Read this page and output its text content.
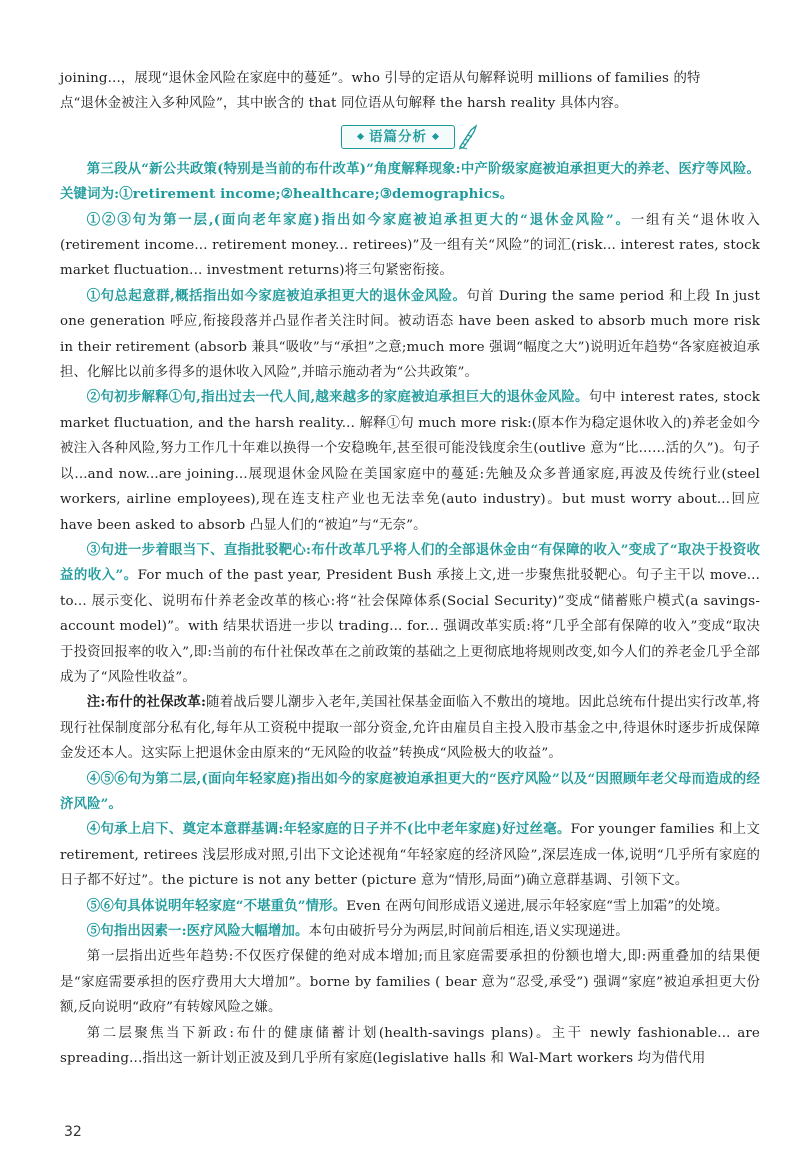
joining...，展现“退休金风险在家庭中的蔓延”。who 引导的定语从句解释说明 millions of families 的特

点“退休金被注入多种风险”，其中嵌含的 that 同位语从句解释 the harsh reality 具体内容。

语篇分析

第三段从“新公共政策(特别是当前的布什改革)”角度解释现象:中产阶级家庭被迫承担更大的养老、医疗等风险。关键词为:①retirement income;②healthcare;③demographics。

①②③句为第一层,(面向老年家庭)指出如今家庭被迫承担更大的“退休金风险”。一组有关“退休收入(retirement income... retirement money... retirees)”及一组有关“风险”的词汇(risk... interest rates, stock market fluctuation... investment returns)将三句紧密衔接。

①句总起意群,概括指出如今家庭被迫承担更大的退休金风险。句首 During the same period 和上段 In just one generation 呼应,衔接段落并凸显作者关注时间。被动语态 have been asked to absorb much more risk in their retirement (absorb 兼具“吸收”与“承担”之意;much more 强调“幅度之大”)说明近年趋势“各家庭被迫承担、化解比以前多得多的退休收入风险”,并暗示施动者为“公共政策”。

②句初步解释①句,指出过去一代人间,越来越多的家庭被迫承担巨大的退休金风险。句中 interest rates, stock market fluctuation, and the harsh reality... 解释①句 much more risk:(原本作为稳定退休收入的)养老金如今被注入各种风险,努力工作几十年难以换得一个安稳晚年,甚至很可能没钱度余生(outlive 意为“比……活的久”)。句子以...and now...are joining...展现退休金风险在美国家庭中的蔓延:先触及众多普通家庭,再波及传统行业(steel workers, airline employees),现在连支柱产业也无法幸免(auto industry)。but must worry about...回应 have been asked to absorb 凸显人们的“被迫”与“无奈”。

③句进一步着眼当下、直指批驳靶心:布什改革几乎将人们的全部退休金由“有保障的收入”变成了“取决于投资收益的收入”。For much of the past year, President Bush 承接上文,进一步聚焦批驳靶心。句子主干以 move... to... 展示变化、说明布什养老金改革的核心:将“社会保障体系(Social Security)”变成“储蓄账户模式(a savings-account model)”。with 结果状语进一步以 trading... for... 强调改革实质:将“几乎全部有保障的收入”变成“取决于投资回报率的收入”,即:当前的布什社保改革在之前政策的基础之上更彻底地将规则改变,如今人们的养老金几乎全部成为了“风险性收益”。

注:布什的社保改革:随着战后婴儿潮步入老年,美国社保基金面临入不敷出的境地。因此总统布什提出实行改革,将现行社保制度部分私有化,每年从工资税中提取一部分资金,允许由雇员自主投入股市基金之中,待退休时逐步折成保障金发还本人。这实际上把退休金由原来的“无风险的收益”转换成“风险极大的收益”。

④⑤⑥句为第二层,(面向年轻家庭)指出如今的家庭被迫承担更大的“医疗风险”以及“因照顾年老父母而造成的经济风险”。

④句承上启下、奠定本意群基调:年轻家庭的日子并不(比中老年家庭)好过丝毫。For younger families 和上文 retirement, retirees 浅层形成对照,引出下文论述视角“年轻家庭的经济风险”,深层连成一体,说明“几乎所有家庭的日子都不好过”。the picture is not any better (picture 意为“情形,局面”)确立意群基调、引领下文。

⑤⑥句具体说明年轻家庭“不堪重负”情形。Even 在两句间形成语义递进,展示年轻家庭“雪上加霜”的处境。

⑤句指出因素一:医疗风险大幅增加。本句由破折号分为两层,时间前后相连,语义实现递进。

第一层指出近些年趋势:不仅医疗保健的绝对成本增加;而且家庭需要承担的份额也增大,即:两重叠加的结果便是“家庭需要承担的医疗费用大大增加”。borne by families ( bear 意为“忍受,承受”) 强调“家庭”被迫承担更大份额,反向说明“政府”有转嫁风险之嫌。

第二层聚焦当下新政:布什的健康储蓄计划(health-savings plans)。主干 newly fashionable... are spreading...指出这一新计划正波及到几乎所有家庭(legislative halls 和 Wal-Mart workers 均为借代用

32
